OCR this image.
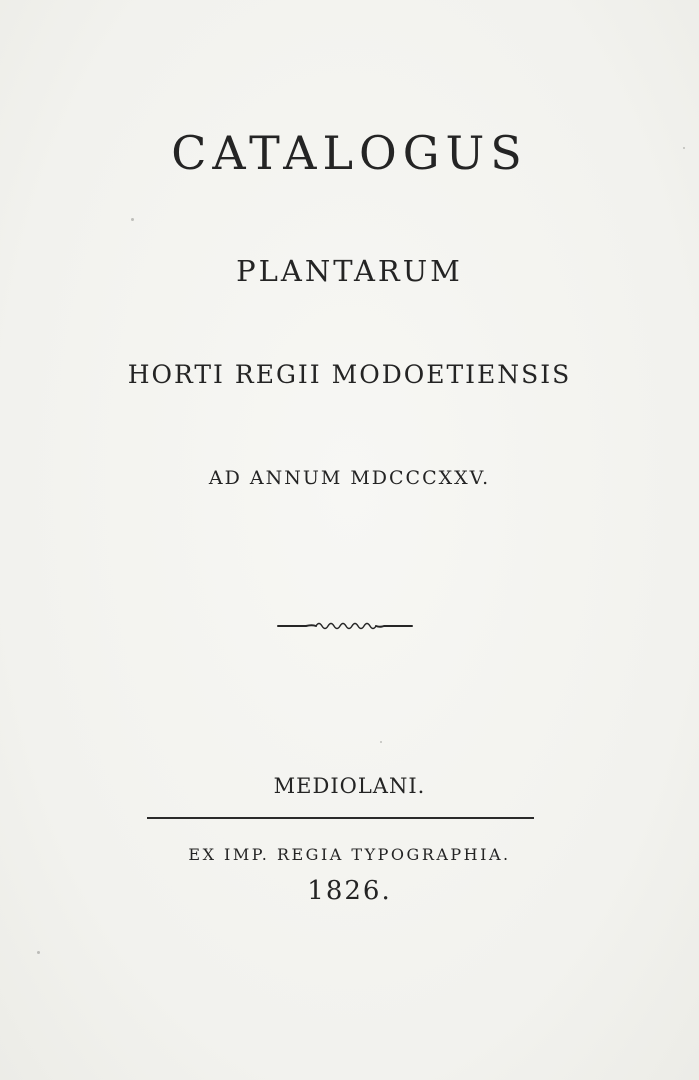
CATALOGUS
PLANTARUM
HORTI REGII MODOETIENSIS
AD ANNUM MDCCCXXV.
MEDIOLANI.
EX IMP. REGIA TYPOGRAPHIA.
1826.
